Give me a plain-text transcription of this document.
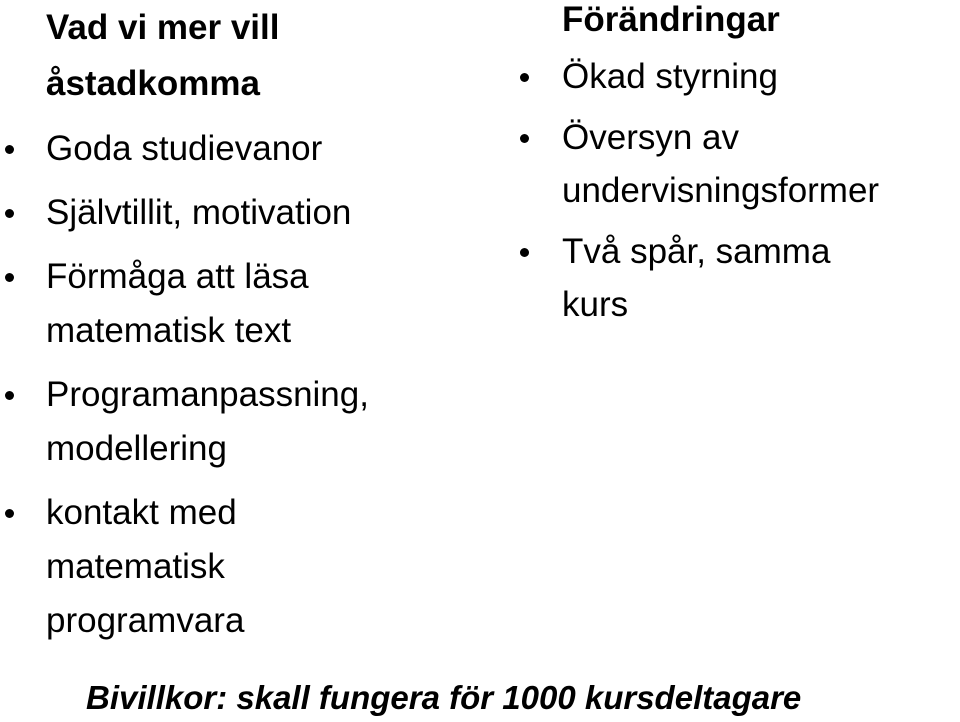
Vad vi mer vill
åstadkomma
Goda studievanor
Självtillit, motivation
Förmåga att läsa
matematisk text
Programanpassning,
modellering
kontakt med
matematisk
programvara
Förändringar
Ökad styrning
Översyn av
undervisningsformer
Två spår, samma
kurs
Bivillkor: skall fungera för 1000 kursdeltagare
